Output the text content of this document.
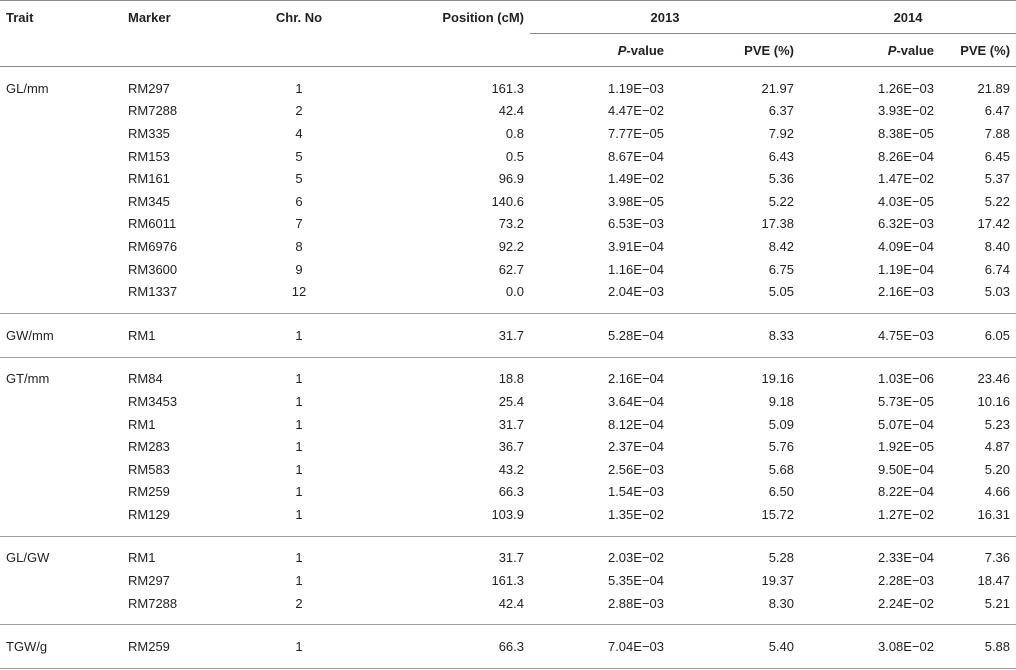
Trait	Marker	Chr. No	Position (cM)	2013		2014	
				P-value	PVE (%)	P-value	PVE (%)
GL/mm	RM297	1	161.3	1.19E−03	21.97	1.26E−03	21.89
	RM7288	2	42.4	4.47E−02	6.37	3.93E−02	6.47
	RM335	4	0.8	7.77E−05	7.92	8.38E−05	7.88
	RM153	5	0.5	8.67E−04	6.43	8.26E−04	6.45
	RM161	5	96.9	1.49E−02	5.36	1.47E−02	5.37
	RM345	6	140.6	3.98E−05	5.22	4.03E−05	5.22
	RM6011	7	73.2	6.53E−03	17.38	6.32E−03	17.42
	RM6976	8	92.2	3.91E−04	8.42	4.09E−04	8.40
	RM3600	9	62.7	1.16E−04	6.75	1.19E−04	6.74
	RM1337	12	0.0	2.04E−03	5.05	2.16E−03	5.03
GW/mm	RM1	1	31.7	5.28E−04	8.33	4.75E−03	6.05
GT/mm	RM84	1	18.8	2.16E−04	19.16	1.03E−06	23.46
	RM3453	1	25.4	3.64E−04	9.18	5.73E−05	10.16
	RM1	1	31.7	8.12E−04	5.09	5.07E−04	5.23
	RM283	1	36.7	2.37E−04	5.76	1.92E−05	4.87
	RM583	1	43.2	2.56E−03	5.68	9.50E−04	5.20
	RM259	1	66.3	1.54E−03	6.50	8.22E−04	4.66
	RM129	1	103.9	1.35E−02	15.72	1.27E−02	16.31
GL/GW	RM1	1	31.7	2.03E−02	5.28	2.33E−04	7.36
	RM297	1	161.3	5.35E−04	19.37	2.28E−03	18.47
	RM7288	2	42.4	2.88E−03	8.30	2.24E−02	5.21
TGW/g	RM259	1	66.3	7.04E−03	5.40	3.08E−02	5.88
